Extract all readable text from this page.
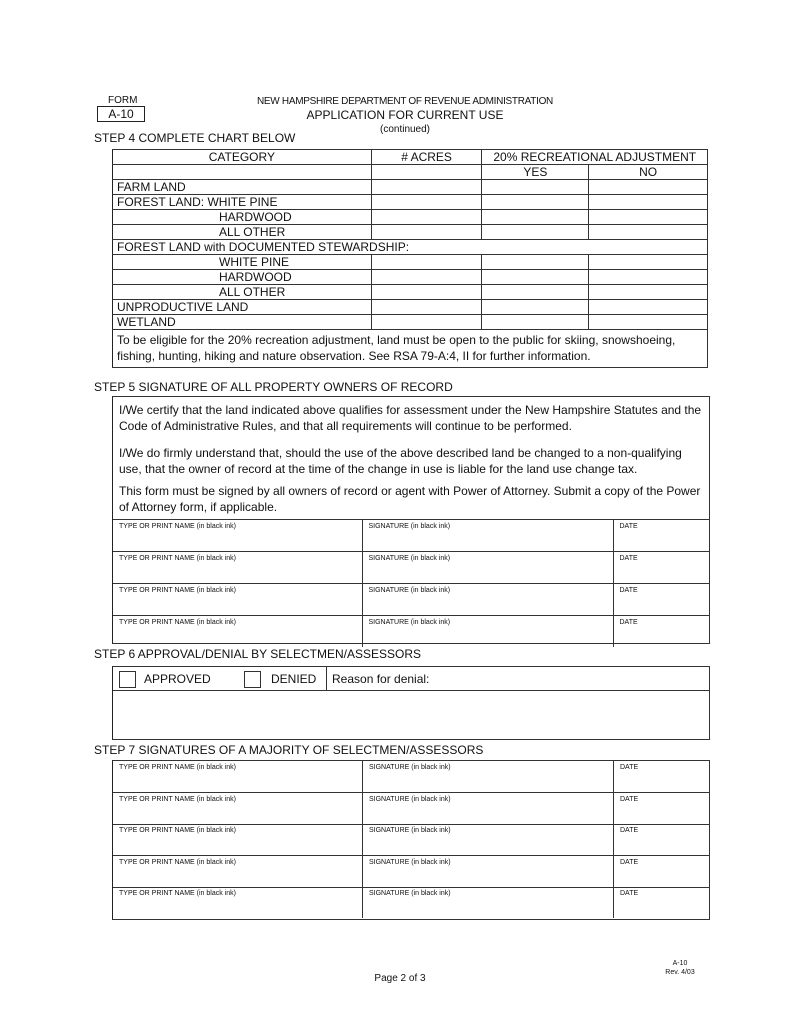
FORM
A-10
NEW HAMPSHIRE DEPARTMENT OF REVENUE ADMINISTRATION
APPLICATION FOR CURRENT USE
(continued)
STEP 4 COMPLETE CHART BELOW
CATEGORY	# ACRES	20% RECREATIONAL ADJUSTMENT	
		YES	NO
FARM LAND			
FOREST LAND: WHITE PINE			
HARDWOOD			
ALL OTHER			
FOREST LAND with DOCUMENTED STEWARDSHIP:			
WHITE PINE			
HARDWOOD			
ALL OTHER			
UNPRODUCTIVE LAND			
WETLAND			
To be eligible for the 20% recreation adjustment, land must be open to the public for skiing, snowshoeing, fishing, hunting, hiking and nature observation. See RSA 79-A:4, II for further information.			
STEP 5 SIGNATURE OF ALL PROPERTY OWNERS OF RECORD
I/We certify that the land indicated above qualifies for assessment under the New Hampshire Statutes and the Code of Administrative Rules, and that all requirements will continue to be performed.
I/We do firmly understand that, should the use of the above described land be changed to a non-qualifying use, that the owner of record at the time of the change in use is liable for the land use change tax.
This form must be signed by all owners of record or agent with Power of Attorney. Submit a copy of the Power of Attorney form, if applicable.
TYPE OR PRINT NAME (in black ink)	SIGNATURE (in black ink)	DATE
TYPE OR PRINT NAME (in black ink)	SIGNATURE (in black ink)	DATE
TYPE OR PRINT NAME (in black ink)	SIGNATURE (in black ink)	DATE
TYPE OR PRINT NAME (in black ink)	SIGNATURE (in black ink)	DATE
STEP 6 APPROVAL/DENIAL BY SELECTMEN/ASSESSORS
APPROVED	DENIED Reason for denial:
STEP 7 SIGNATURES OF A MAJORITY OF SELECTMEN/ASSESSORS
TYPE OR PRINT NAME (in black ink)	SIGNATURE (in black ink)	DATE
TYPE OR PRINT NAME (in black ink)	SIGNATURE (in black ink)	DATE
TYPE OR PRINT NAME (in black ink)	SIGNATURE (in black ink)	DATE
TYPE OR PRINT NAME (in black ink)	SIGNATURE (in black ink)	DATE
TYPE OR PRINT NAME (in black ink)	SIGNATURE (in black ink)	DATE
Page 2 of 3
A-10
Rev. 4/03
